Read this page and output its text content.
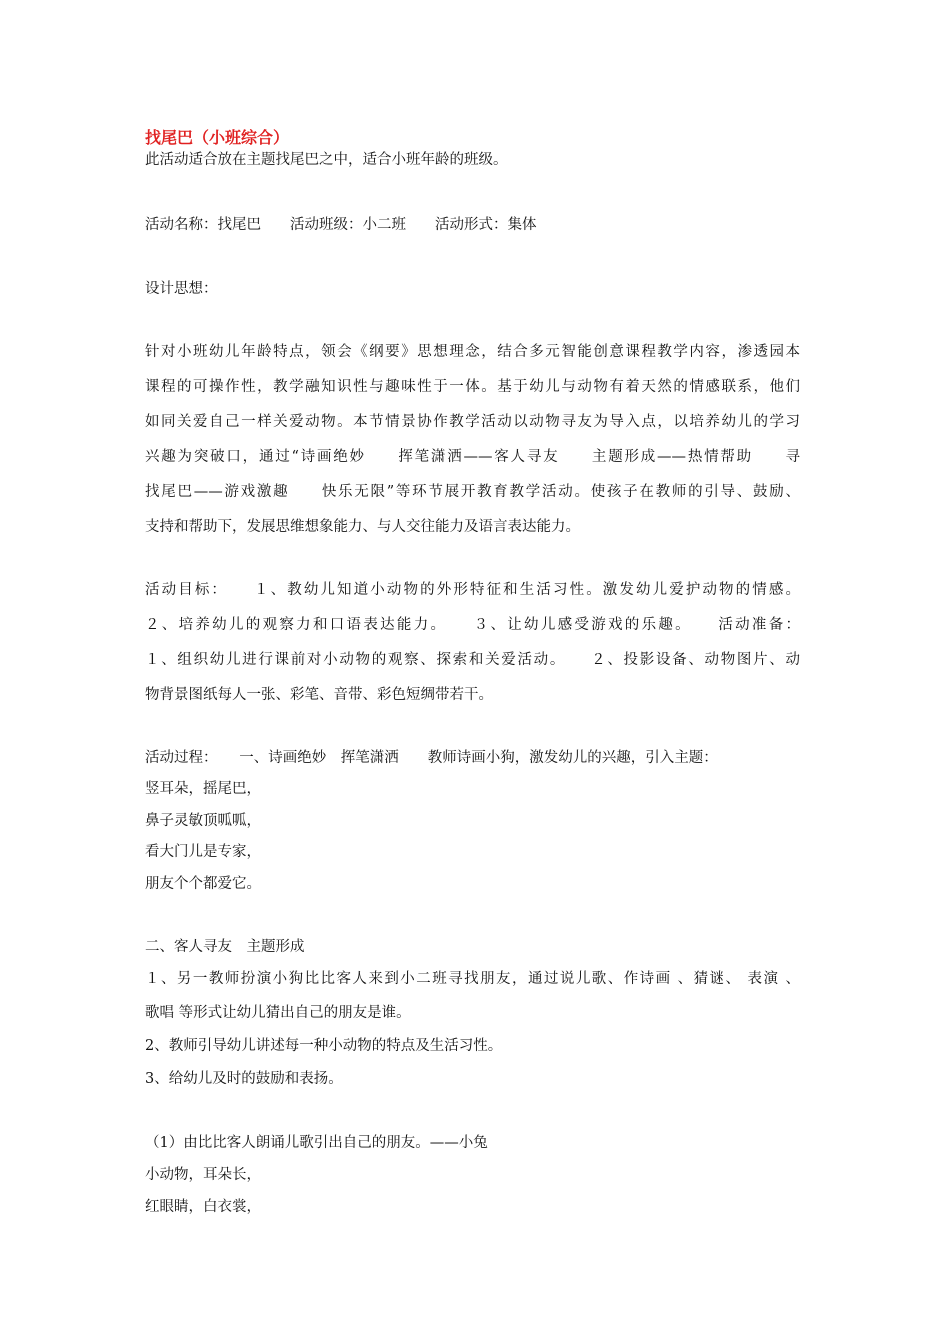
找尾巴（小班综合）
此活动适合放在主题找尾巴之中，适合小班年龄的班级。
活动名称：找尾巴　　活动班级：小二班　　活动形式：集体
设计思想：
针对小班幼儿年龄特点，领会《纲要》思想理念，结合多元智能创意课程教学内容，渗透园本
课程的可操作性，教学融知识性与趣味性于一体。基于幼儿与动物有着天然的情感联系，他们
如同关爱自己一样关爱动物。本节情景协作教学活动以动物寻友为导入点，以培养幼儿的学习
兴趣为突破口，通过“诗画绝妙　　挥笔潇洒——客人寻友　　主题形成——热情帮助　　寻
找尾巴——游戏激趣　　快乐无限”等环节展开教育教学活动。使孩子在教师的引导、鼓励、
支持和帮助下，发展思维想象能力、与人交往能力及语言表达能力。
活动目标：　　１、教幼儿知道小动物的外形特征和生活习性。激发幼儿爱护动物的情感。
２、培养幼儿的观察力和口语表达能力。　　３、让幼儿感受游戏的乐趣。　　活动准备：
１、组织幼儿进行课前对小动物的观察、探索和关爱活动。　　２、投影设备、动物图片、动
物背景图纸每人一张、彩笔、音带、彩色短绸带若干。
活动过程：　　一、诗画绝妙　挥笔潇洒　　教师诗画小狗，激发幼儿的兴趣，引入主题：
竖耳朵，摇尾巴，
鼻子灵敏顶呱呱，
看大门儿是专家，
朋友个个都爱它。
二、客人寻友　主题形成
１、另一教师扮演小狗比比客人来到小二班寻找朋友，通过说儿歌、作诗画 、猜谜、 表演 、
歌唱 等形式让幼儿猜出自己的朋友是谁。
2、教师引导幼儿讲述每一种小动物的特点及生活习性。
3、给幼儿及时的鼓励和表扬。
（1）由比比客人朗诵儿歌引出自己的朋友。——小兔
小动物，耳朵长，
红眼睛，白衣裳，
